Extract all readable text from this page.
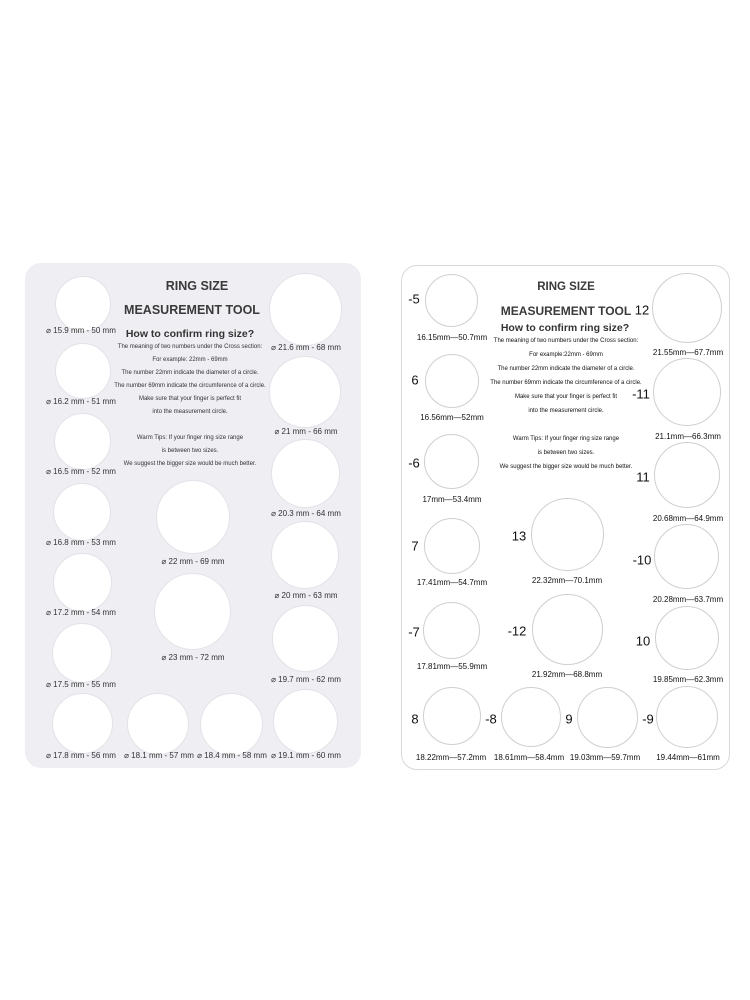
RING SIZE
MEASUREMENT TOOL
How to confirm ring size?
The meaning of two numbers under the Cross section:
For example: 22mm - 69mm
The number 22mm indicate the diameter of a circle.
The number 69mm indicate the circumference of a circle.
Make sure that your finger is perfect fit
into the measurement circle.
Warm Tips: If your finger ring size range
is between two sizes.
We suggest the bigger size would be much better.
⌀ 15.9 mm - 50 mm
⌀ 16.2 mm - 51 mm
⌀ 16.5 mm - 52 mm
⌀ 16.8 mm - 53 mm
⌀ 17.2 mm - 54 mm
⌀ 17.5 mm - 55 mm
⌀ 17.8 mm - 56 mm ⌀ 18.1 mm - 57 mm ⌀ 18.4 mm - 58 mm ⌀ 19.1 mm - 60 mm
⌀ 19.7 mm - 62 mm
⌀ 20 mm - 63 mm
⌀ 20.3 mm - 64 mm
⌀ 21 mm - 66 mm
⌀ 21.6 mm - 68 mm
⌀ 22 mm - 69 mm
⌀ 23 mm - 72 mm
RING SIZE
MEASUREMENT TOOL
How to confirm ring size?
The meaning of two numbers under the Cross section:
For example:22mm - 69mm
The number 22mm indicate the diameter of a circle.
The number 69mm indicate the circumference of a circle.
Make sure that your finger is perfect fit
into the measurement circle.
Warm Tips: If your finger ring size range
is between two sizes.
We suggest the bigger size would be much better.
-5
16.15mm—50.7mm
6
16.56mm—52mm
-6
17mm—53.4mm
7
17.41mm—54.7mm
-7
17.81mm—55.9mm
8
18.22mm—57.2mm
-8
18.61mm—58.4mm
9
19.03mm—59.7mm
-9
19.44mm—61mm
10
19.85mm—62.3mm
-10
20.28mm—63.7mm
11
20.68mm—64.9mm
-11
21.1mm—66.3mm
12
21.55mm—67.7mm
13
22.32mm—70.1mm
-12
21.92mm—68.8mm
